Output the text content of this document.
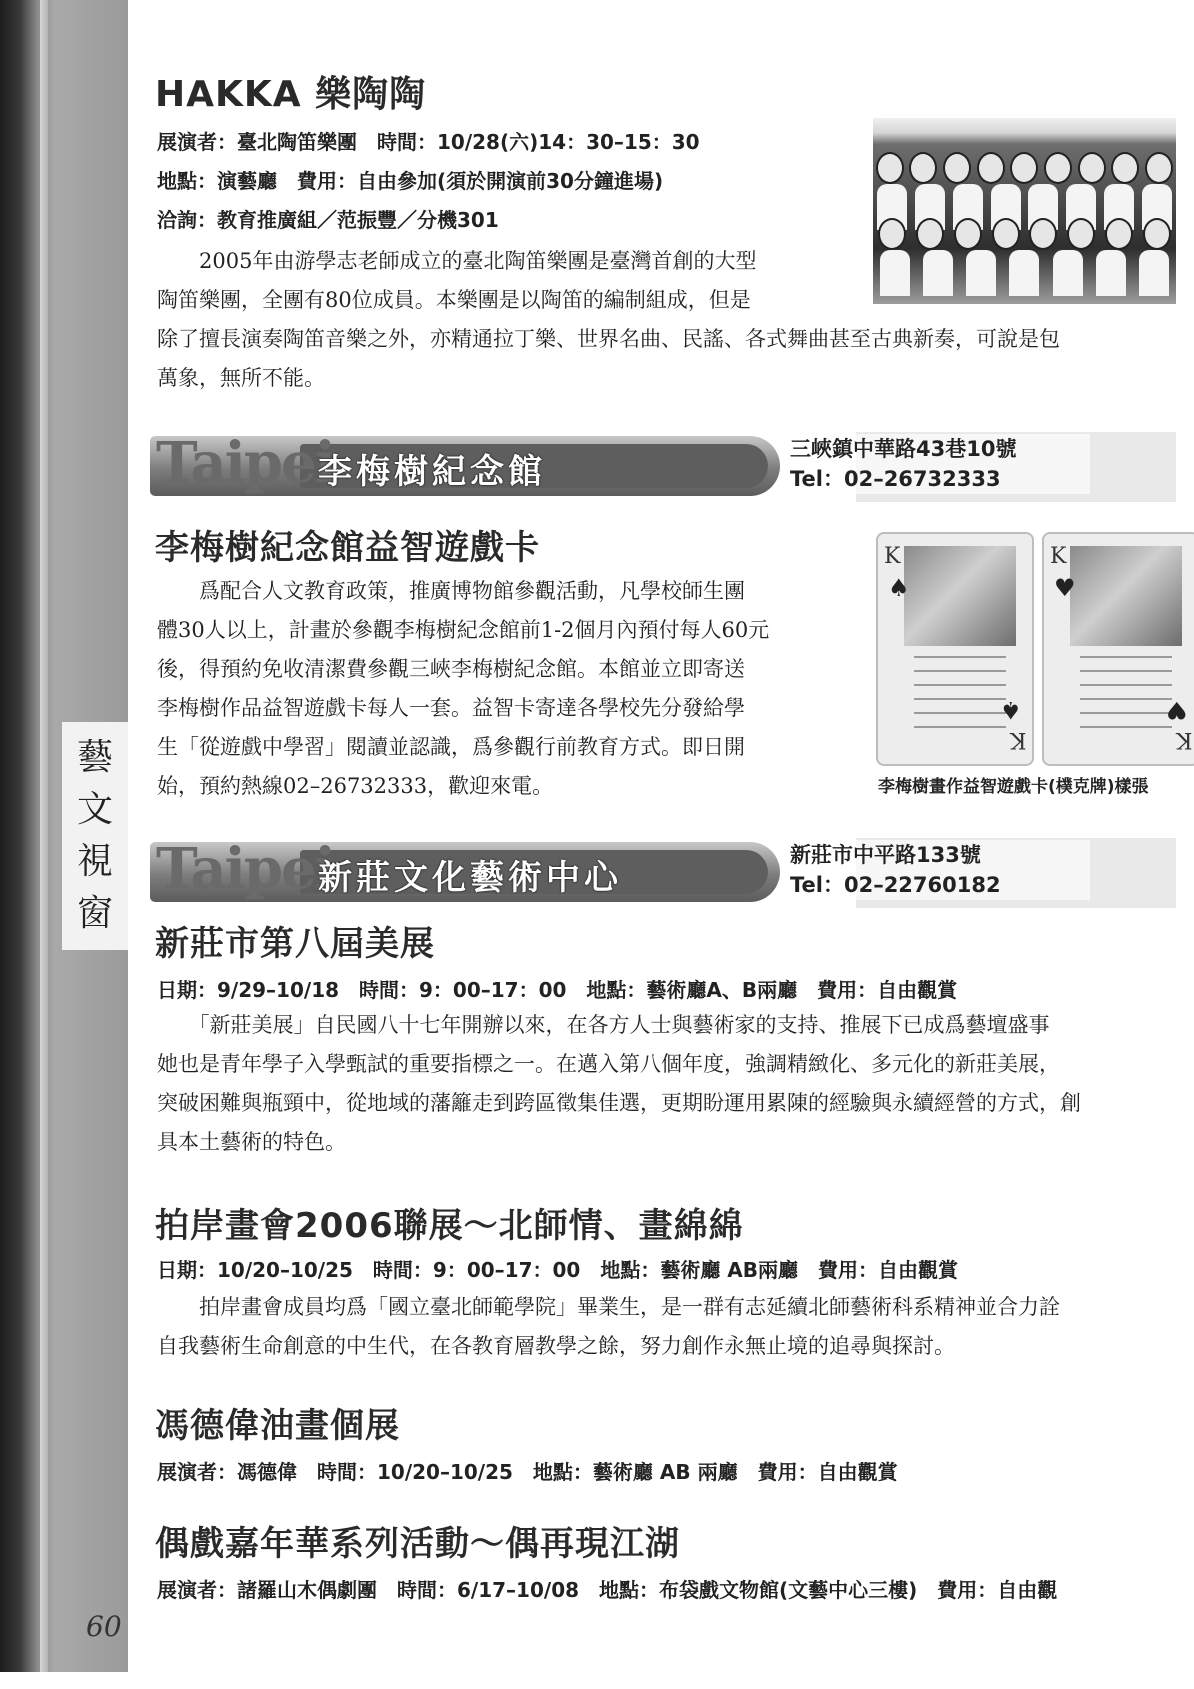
藝
文
視
窗
60
HAKKA 樂陶陶
展演者：臺北陶笛樂團　時間：10/28(六)14：30–15：30
地點：演藝廳　費用：自由參加(須於開演前30分鐘進場)
洽詢：教育推廣組／范振豐／分機301

　　2005年由游學志老師成立的臺北陶笛樂團是臺灣首創的大型

陶笛樂團，全團有80位成員。本樂團是以陶笛的編制組成，但是

除了擅長演奏陶笛音樂之外，亦精通拉丁樂、世界名曲、民謠、各式舞曲甚至古典新奏，可說是包

萬象，無所不能。

Taipei
李梅樹紀念館
三峽鎮中華路43巷10號
Tel：02–26732333
李梅樹紀念館益智遊戲卡

　　爲配合人文教育政策，推廣博物館參觀活動，凡學校師生團

體30人以上，計畫於參觀李梅樹紀念館前1-2個月內預付每人60元

後，得預約免收清潔費參觀三峽李梅樹紀念館。本館並立即寄送

李梅樹作品益智遊戲卡每人一套。益智卡寄達各學校先分發給學

生「從遊戲中學習」閱讀並認識，爲參觀行前教育方式。即日開

始，預約熱線02–26732333，歡迎來電。

K
♠
♠
K
K
♥
♥
K
李梅樹畫作益智遊戲卡(樸克牌)樣張
Taipei
新莊文化藝術中心
新莊市中平路133號
Tel：02–22760182
新莊市第八屆美展
日期：9/29–10/18　時間：9：00–17：00　地點：藝術廳A、B兩廳　費用：自由觀賞

　　「新莊美展」自民國八十七年開辦以來，在各方人士與藝術家的支持、推展下已成爲藝壇盛事

她也是青年學子入學甄試的重要指標之一。在邁入第八個年度，強調精緻化、多元化的新莊美展，

突破困難與瓶頸中，從地域的藩籬走到跨區徵集佳選，更期盼運用累陳的經驗與永續經營的方式，創

具本土藝術的特色。

拍岸畫會2006聯展～北師情、畫綿綿
日期：10/20–10/25　時間：9：00–17：00　地點：藝術廳 AB兩廳　費用：自由觀賞

　　拍岸畫會成員均爲「國立臺北師範學院」畢業生，是一群有志延續北師藝術科系精神並合力詮

自我藝術生命創意的中生代，在各教育層教學之餘，努力創作永無止境的追尋與探討。

馮德偉油畫個展
展演者：馮德偉　時間：10/20–10/25　地點：藝術廳 AB 兩廳　費用：自由觀賞
偶戲嘉年華系列活動～偶再現江湖
展演者：諸羅山木偶劇團　時間：6/17–10/08　地點：布袋戲文物館(文藝中心三樓)　費用：自由觀
